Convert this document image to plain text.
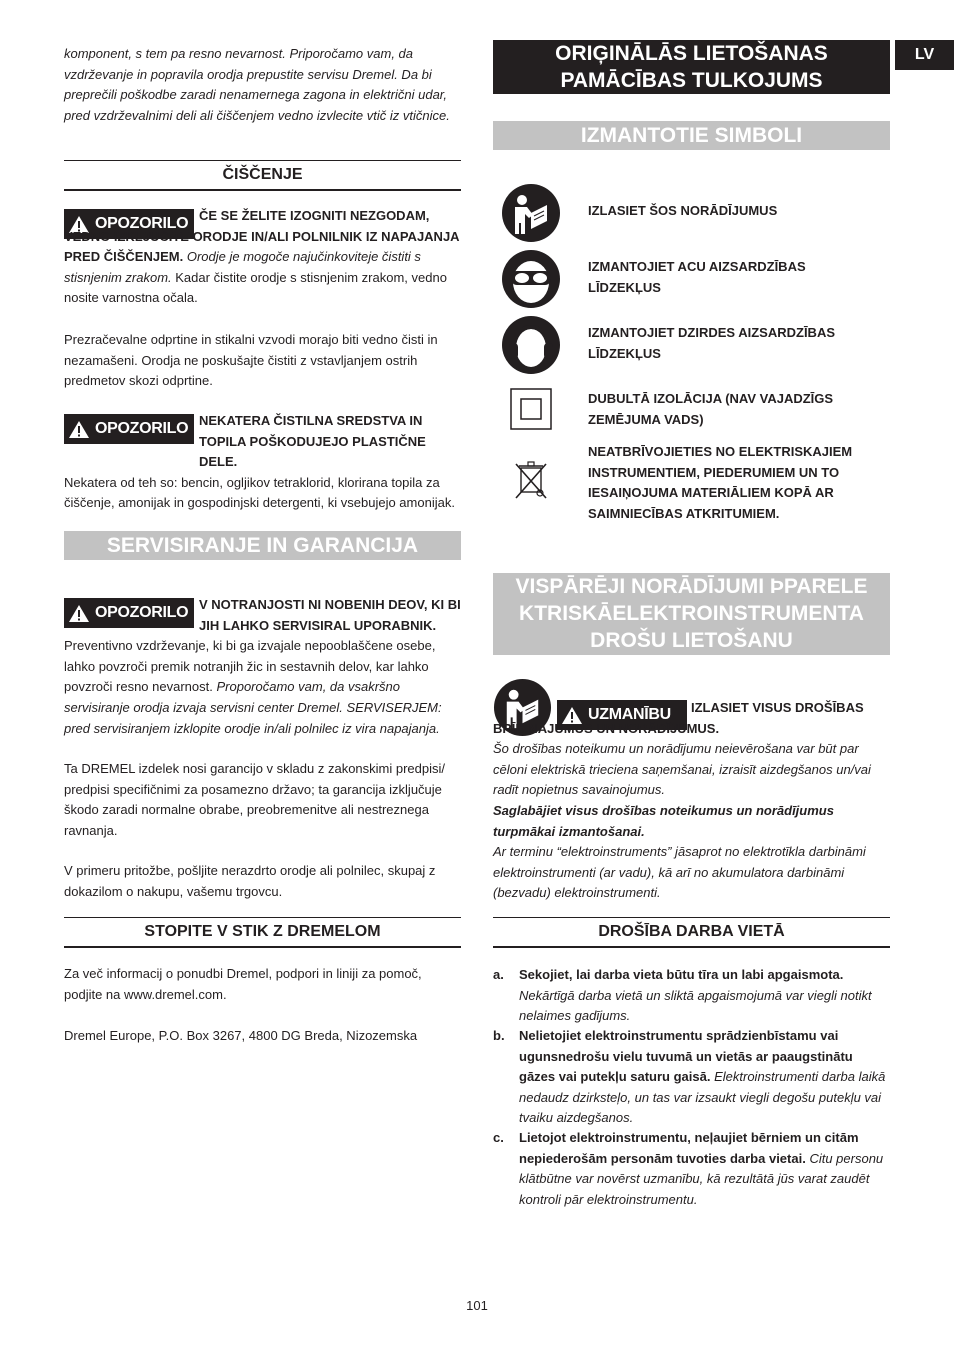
komponent, s tem pa resno nevarnost. Priporočamo vam, da vzdrževanje in popravila orodja prepustite servisu Dremel. Da bi preprečili poškodbe zaradi nenamernega zagona in električni udar, pred vzdrževalnimi deli ali čiščenjem vedno izvlecite vtič iz vtičnice.

ČIŠČENJE
OPOZORILO ČE SE ŽELITE IZOGNITI NEZGODAM, VEDNO IZKLJUČITE ORODJE IN/ALI POLNILNIK IZ NAPAJANJA PRED ČIŠČENJEM. Orodje je mogoče najučinkoviteje čistiti s stisnjenim zrakom. Kadar čistite orodje s stisnjenim zrakom, vedno nosite varnostna očala.

Prezračevalne odprtine in stikalni vzvodi morajo biti vedno čisti in nezamašeni. Orodja ne poskušajte čistiti z vstavljanjem ostrih predmetov skozi odprtine.

OPOZORILO NEKATERA ČISTILNA SREDSTVA IN TOPILA POŠKODUJEJO PLASTIČNE DELE.
Nekatera od teh so: bencin, ogljikov tetraklorid, klorirana topila za čiščenje, amonijak in gospodinjski detergenti, ki vsebujejo amonijak.
SERVISIRANJE IN GARANCIJA
OPOZORILO V NOTRANJOSTI NI NOBENIH DEOV, KI BI JIH LAHKO SERVISIRAL UPORABNIK.
Preventivno vzdrževanje, ki bi ga izvajale nepooblaščene osebe, lahko povzroči premik notranjih žic in sestavnih delov, kar lahko povzroči resno nevarnost. Proporočamo vam, da vsakršno servisiranje orodja izvaja servisni center Dremel. SERVISERJEM: pred servisiranjem izklopite orodje in/ali polnilec iz vira napajanja.

Ta DREMEL izdelek nosi garancijo v skladu z zakonskimi predpisi/ predpisi specifičnimi za posamezno državo; ta garancija izključuje škodo zaradi normalne obrabe, preobremenitve ali nestreznega ravnanja.

V primeru pritožbe, pošljite nerazdrto orodje ali polnilec, skupaj z dokazilom o nakupu, vašemu trgovcu.

STOPITE V STIK Z DREMELOM

Za več informacij o ponudbi Dremel, podpori in liniji za pomoč, podjite na www.dremel.com.

Dremel Europe, P.O. Box 3267, 4800 DG Breda, Nizozemska

ORIĢINĀLĀS LIETOŠANAS PAMĀCĪBAS TULKOJUMS
LV
IZMANTOTIE SIMBOLI
IZLASIET ŠOS NORĀDĪJUMUS
IZMANTOJIET ACU AIZSARDZĪBAS LĪDZEKĻUS
IZMANTOJIET DZIRDES AIZSARDZĪBAS LĪDZEKĻUS
DUBULTĀ IZOLĀCIJA (NAV VAJADZĪGS ZEMĒJUMA VADS)
NEATBRĪVOJIETIES NO ELEKTRISKAJIEM INSTRUMENTIEM, PIEDERUMIEM UN TO IESAIŅOJUMA MATERIĀLIEM KOPĀ AR SAIMNIECĪBAS ATKRITUMIEM.
VISPĀRĒJI NORĀDĪJUMI ÞPARELE KTRISKĀELEKTROINSTRUMENTA DROŠU LIETOŠANU
UZMANĪBU	IZLASIET VISUS DROŠĪBAS BRĪDINĀJUMUS UN NORĀDĪJUMUS.
Šo drošības noteikumu un norādījumu neievērošana var būt par cēloni elektriskā trieciena saņemšanai, izraisīt aizdegšanos un/vai radīt nopietnus savainojumus.

Saglabājiet visus drošības noteikumus un norādījumus turpmākai izmantošanai.

Ar terminu “elektroinstruments” jāsaprot no elektrotīkla darbināmi elektroinstrumenti (ar vadu), kā arī no akumulatora darbināmi (bezvadu) elektroinstrumenti.

DROŠĪBA DARBA VIETĀ
a. Sekojiet, lai darba vieta būtu tīra un labi apgaismota. Nekārtīgā darba vietā un sliktā apgaismojumā var viegli notikt nelaimes gadījums.
b. Nelietojiet elektroinstrumentu sprādzienbīstamu vai ugunsnedrošu vielu tuvumā un vietās ar paaugstinātu gāzes vai putekļu saturu gaisā. Elektroinstrumenti darba laikā nedaudz dzirksteļo, un tas var izsaukt viegli degošu putekļu vai tvaiku aizdegšanos.
c. Lietojot elektroinstrumentu, neļaujiet bērniem un citām nepiederošām personām tuvoties darba vietai. Citu personu klātbūtne var novērst uzmanību, kā rezultātā jūs varat zaudēt kontroli pār elektroinstrumentu.
101
